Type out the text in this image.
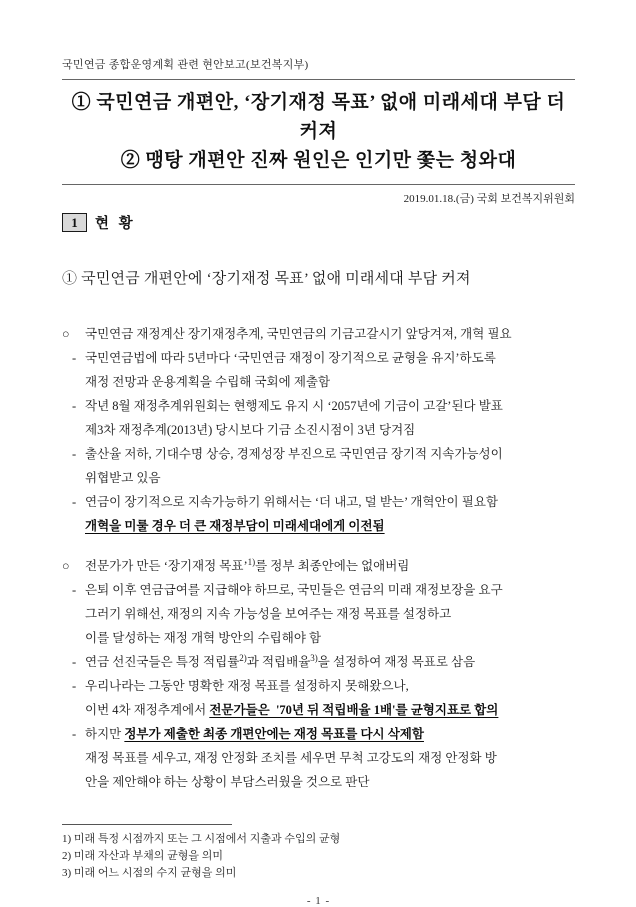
국민연금 종합운영계획 관련 현안보고(보건복지부)
① 국민연금 개편안, ‘장기재정 목표’ 없애 미래세대 부담 더 커져
② 맹탕 개편안 진짜 원인은 인기만 쫓는 청와대
2019.01.18.(금) 국회 보건복지위원회
1	현 황
① 국민연금 개편안에 ‘장기재정 목표’ 없애 미래세대 부담 커져
○	국민연금 재정계산 장기재정추계, 국민연금의 기금고갈시기 앞당겨져, 개혁 필요
- 국민연금법에 따라 5년마다 ‘국민연금 재정이 장기적으로 균형을 유지’하도록
재정 전망과 운용계획을 수립해 국회에 제출함
- 작년 8월 재정추계위원회는 현행제도 유지 시 ‘2057년에 기금이 고갈’된다 발표
제3차 재정추계(2013년) 당시보다 기금 소진시점이 3년 당겨짐
- 출산율 저하, 기대수명 상승, 경제성장 부진으로 국민연금 장기적 지속가능성이
위협받고 있음
- 연금이 장기적으로 지속가능하기 위해서는 ‘더 내고, 덜 받는’ 개혁안이 필요함
개혁을 미룰 경우 더 큰 재정부담이 미래세대에게 이전됨
○	전문가가 만든 ‘장기재정 목표’$^{1)}$를 정부 최종안에는 없애버림
- 은퇴 이후 연금급여를 지급해야 하므로, 국민들은 연금의 미래 재정보장을 요구
그러기 위해선, 재정의 지속 가능성을 보여주는 재정 목표를 설정하고
이를 달성하는 재정 개혁 방안의 수립해야 함
- 연금 선진국들은 특정 적립률$^{2)}$과 적립배율$^{3)}$을 설정하여 재정 목표로 삼음
- 우리나라는 그동안 명확한 재정 목표를 설정하지 못해왔으나,
이번 4차 재정추계에서 전문가들은  '70년 뒤 적립배율 1배'를 균형지표로 합의
- 하지만 정부가 제출한 최종 개편안에는 재정 목표를 다시 삭제함
재정 목표를 세우고, 재정 안정화 조치를 세우면 무척 고강도의 재정 안정화 방
안을 제안해야 하는 상황이 부담스러웠을 것으로 판단
1) 미래 특정 시점까지 또는 그 시점에서 지출과 수입의 균형
2) 미래 자산과 부채의 균형을 의미
3) 미래 어느 시점의 수지 균형을 의미
- 1 -
